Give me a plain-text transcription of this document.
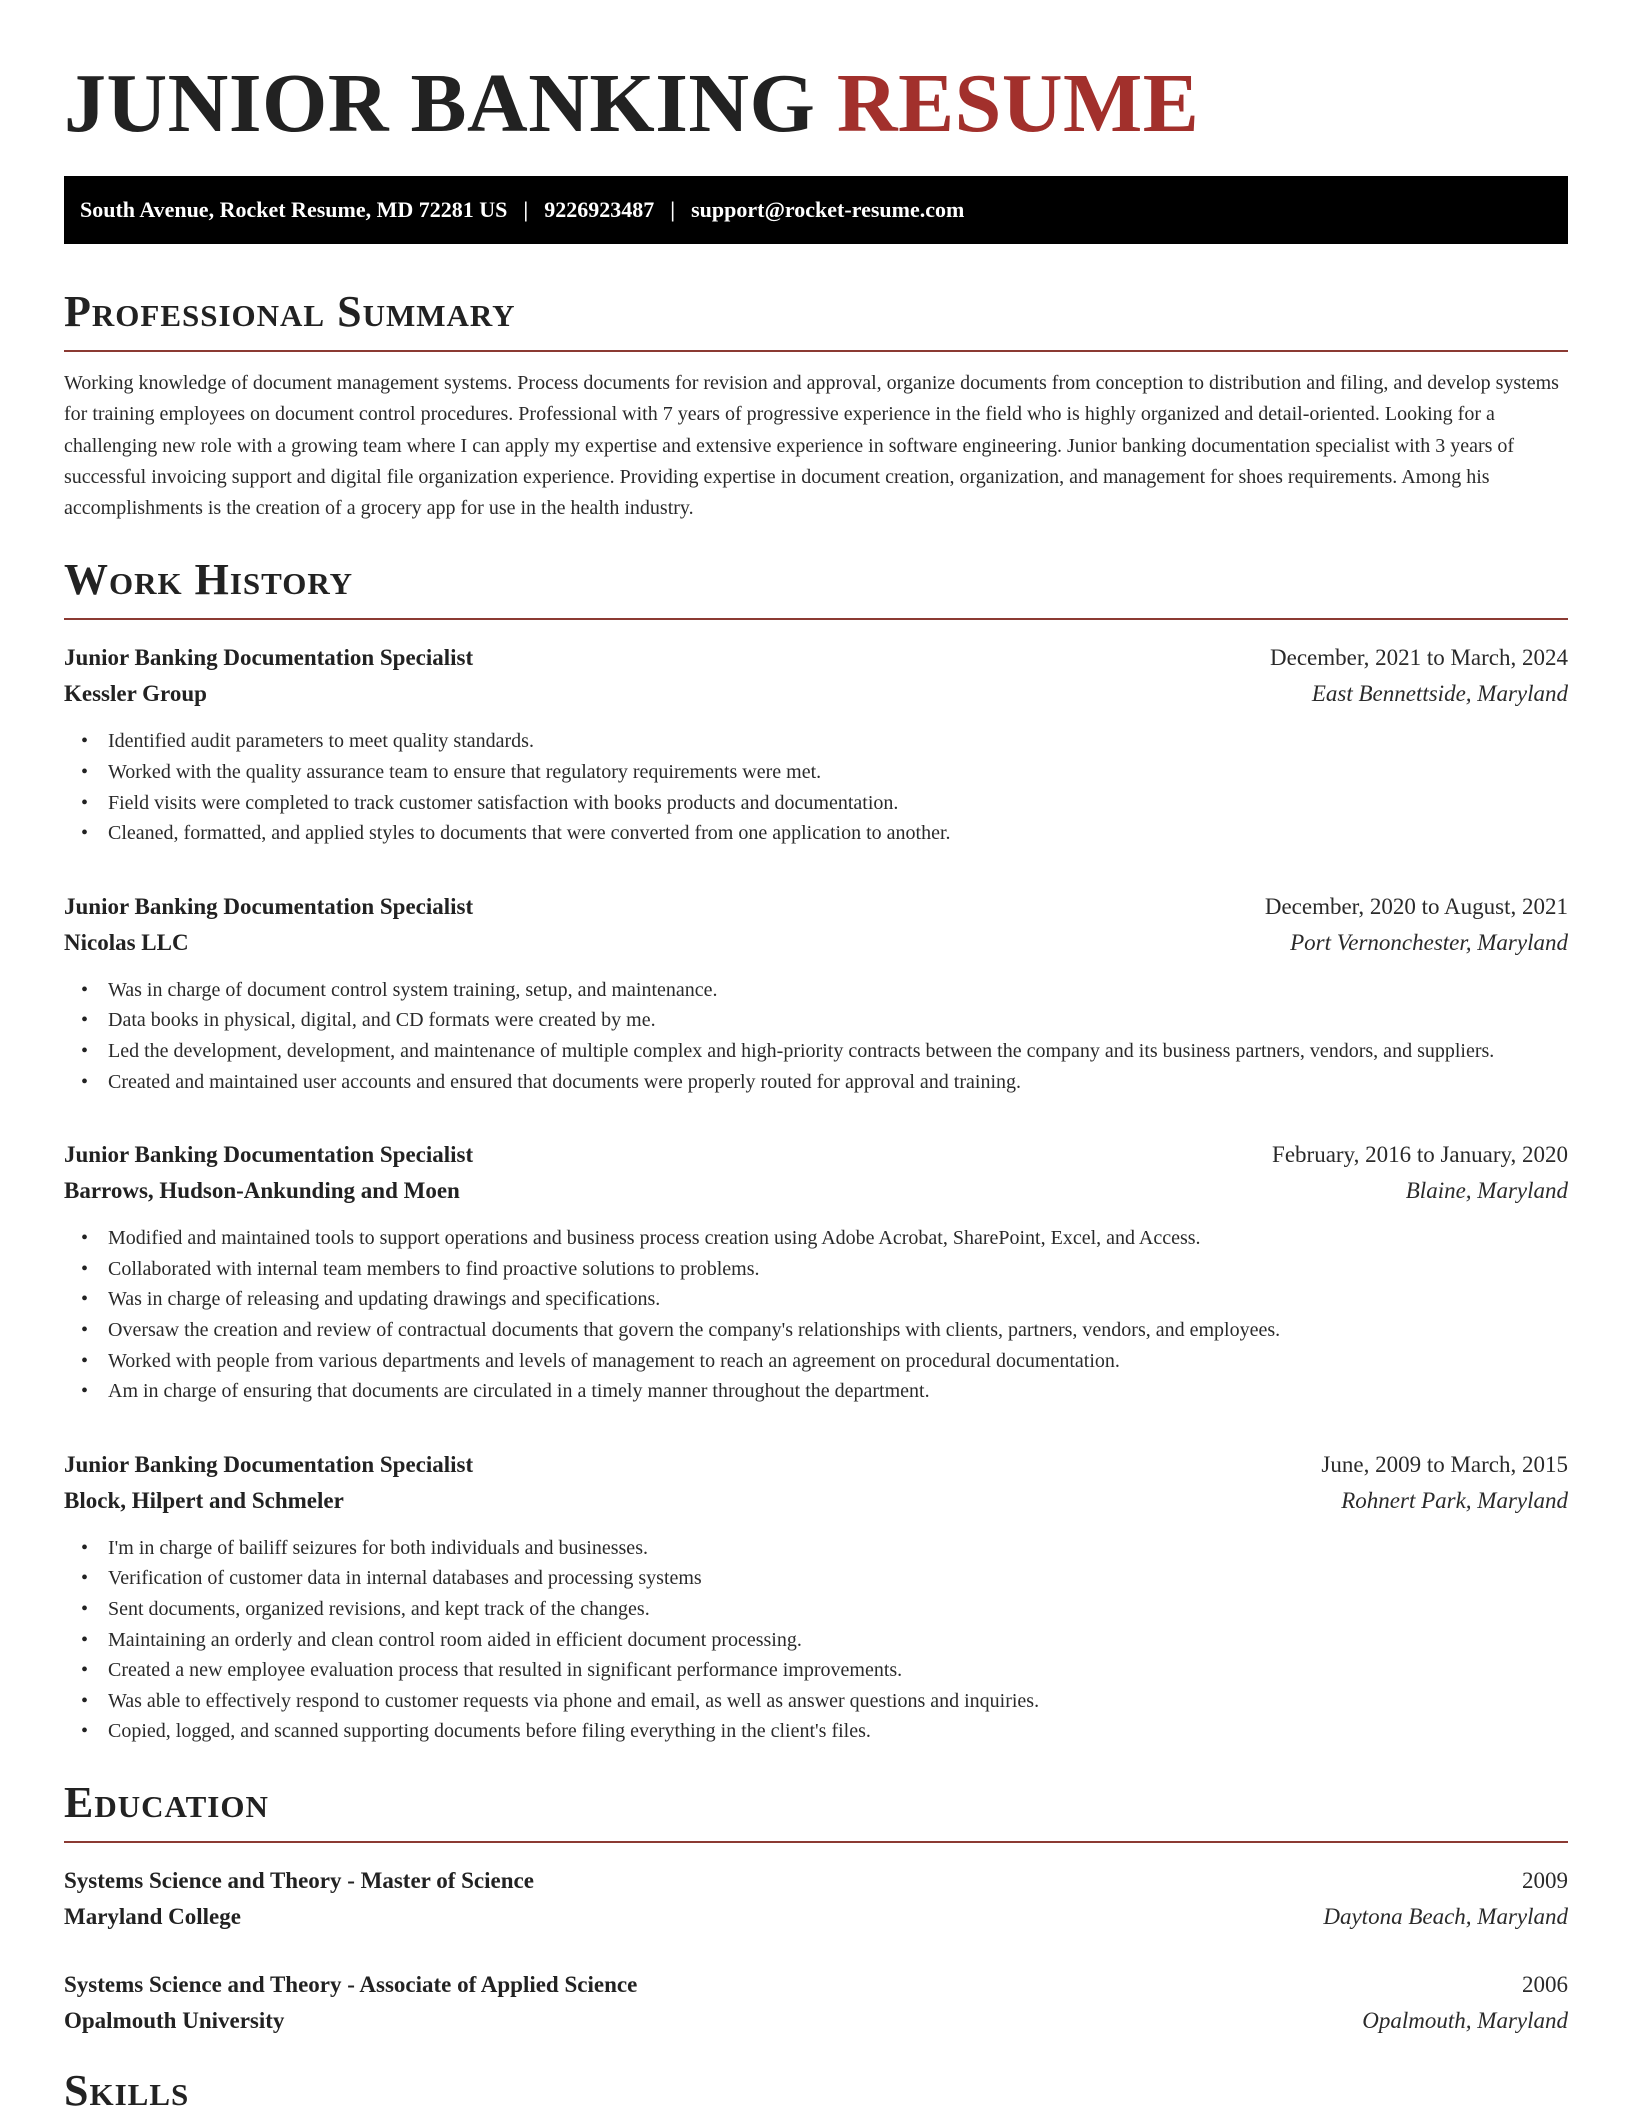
JUNIOR BANKING RESUME
South Avenue, Rocket Resume, MD 72281 US | 9226923487 | support@rocket-resume.com
Professional Summary

Working knowledge of document management systems. Process documents for revision and approval, organize documents from conception to distribution and filing, and develop systems for training employees on document control procedures. Professional with 7 years of progressive experience in the field who is highly organized and detail-oriented. Looking for a challenging new role with a growing team where I can apply my expertise and extensive experience in software engineering. Junior banking documentation specialist with 3 years of successful invoicing support and digital file organization experience. Providing expertise in document creation, organization, and management for shoes requirements. Among his accomplishments is the creation of a grocery app for use in the health industry.

Work History
Junior Banking Documentation Specialist	December, 2021 to March, 2024
Kessler Group	East Bennettside, Maryland
• Identified audit parameters to meet quality standards.
• Worked with the quality assurance team to ensure that regulatory requirements were met.
• Field visits were completed to track customer satisfaction with books products and documentation.
• Cleaned, formatted, and applied styles to documents that were converted from one application to another.
Junior Banking Documentation Specialist	December, 2020 to August, 2021
Nicolas LLC	Port Vernonchester, Maryland
• Was in charge of document control system training, setup, and maintenance.
• Data books in physical, digital, and CD formats were created by me.
• Led the development, development, and maintenance of multiple complex and high-priority contracts between the company and its business partners, vendors, and suppliers.
• Created and maintained user accounts and ensured that documents were properly routed for approval and training.
Junior Banking Documentation Specialist	February, 2016 to January, 2020
Barrows, Hudson-Ankunding and Moen	Blaine, Maryland
• Modified and maintained tools to support operations and business process creation using Adobe Acrobat, SharePoint, Excel, and Access.
• Collaborated with internal team members to find proactive solutions to problems.
• Was in charge of releasing and updating drawings and specifications.
• Oversaw the creation and review of contractual documents that govern the company's relationships with clients, partners, vendors, and employees.
• Worked with people from various departments and levels of management to reach an agreement on procedural documentation.
• Am in charge of ensuring that documents are circulated in a timely manner throughout the department.
Junior Banking Documentation Specialist	June, 2009 to March, 2015
Block, Hilpert and Schmeler	Rohnert Park, Maryland
• I'm in charge of bailiff seizures for both individuals and businesses.
• Verification of customer data in internal databases and processing systems
• Sent documents, organized revisions, and kept track of the changes.
• Maintaining an orderly and clean control room aided in efficient document processing.
• Created a new employee evaluation process that resulted in significant performance improvements.
• Was able to effectively respond to customer requests via phone and email, as well as answer questions and inquiries.
• Copied, logged, and scanned supporting documents before filing everything in the client's files.
Education
Systems Science and Theory - Master of Science	2009
Maryland College	Daytona Beach, Maryland
Systems Science and Theory - Associate of Applied Science	2006
Opalmouth University	Opalmouth, Maryland
Skills
